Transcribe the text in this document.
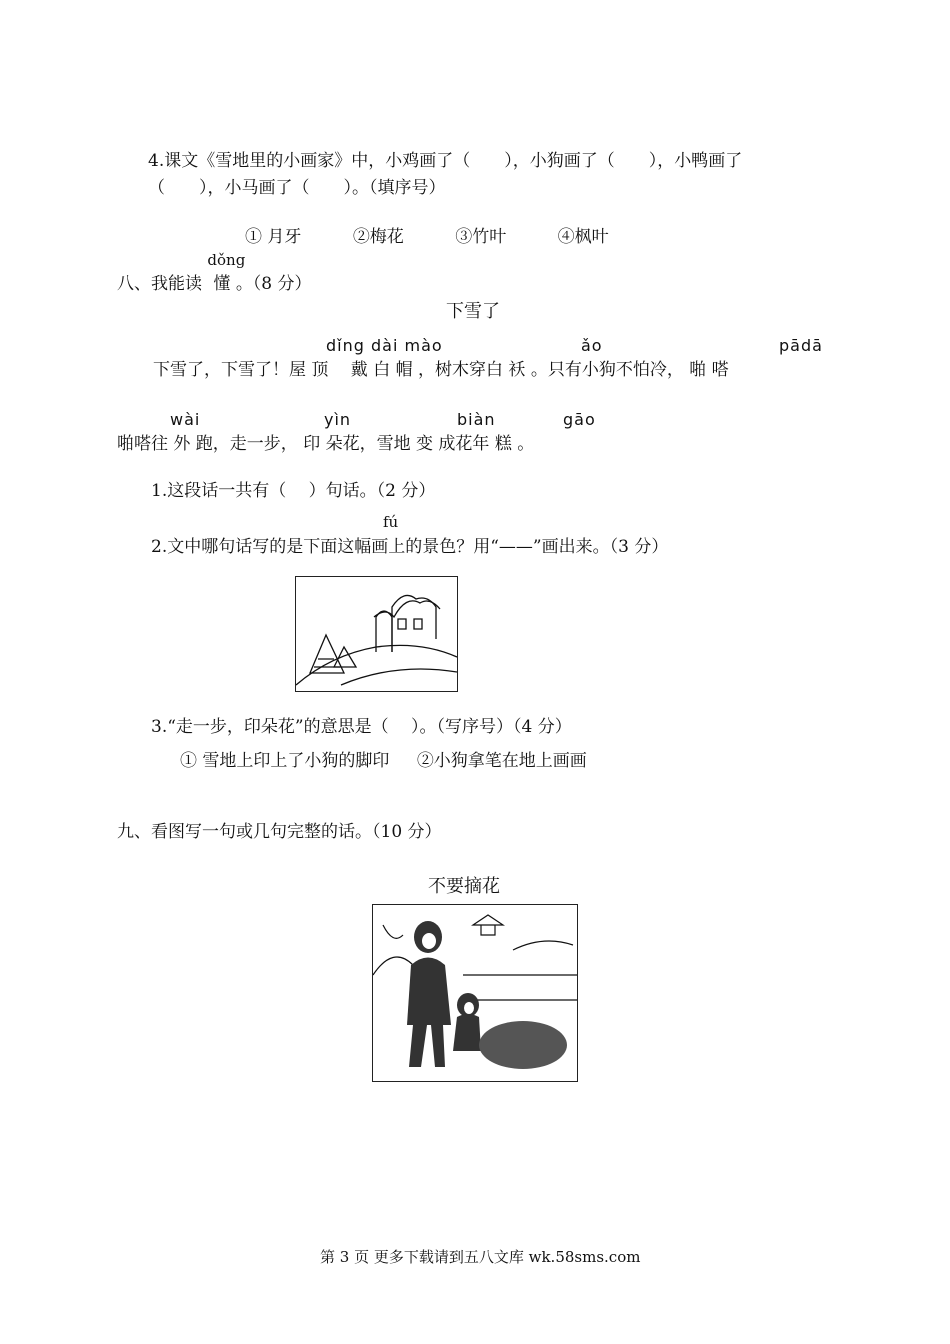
4.课文《雪地里的小画家》中，小鸡画了（　　），小狗画了（　　），小鸭画了
（　　），小马画了（　　）。（填序号）
① 月牙	②梅花	③竹叶	④枫叶
八、我能读
dǒng
懂 。（8 分）
下雪了
dǐng dài mào	ǎo	pādā
下雪了，下雪了！屋 顶　 戴 白 帽 ，树木穿白 袄 。只有小狗不怕冷， 啪 嗒
wài	yìn	biàn	gāo
啪嗒往 外 跑，走一步， 印 朵花，雪地 变 成花年 糕 。
1.这段话一共有（　 ）句话。（2 分）
fú
2.文中哪句话写的是下面这幅画上的景色？用“——”画出来。（3 分）
3.“走一步，印朵花”的意思是（　 ）。（写序号）（4 分）
① 雪地上印上了小狗的脚印 ②小狗拿笔在地上画画
九、看图写一句或几句完整的话。（10 分）
不要摘花
第 3 页 更多下载请到五八文库 wk.58sms.com
